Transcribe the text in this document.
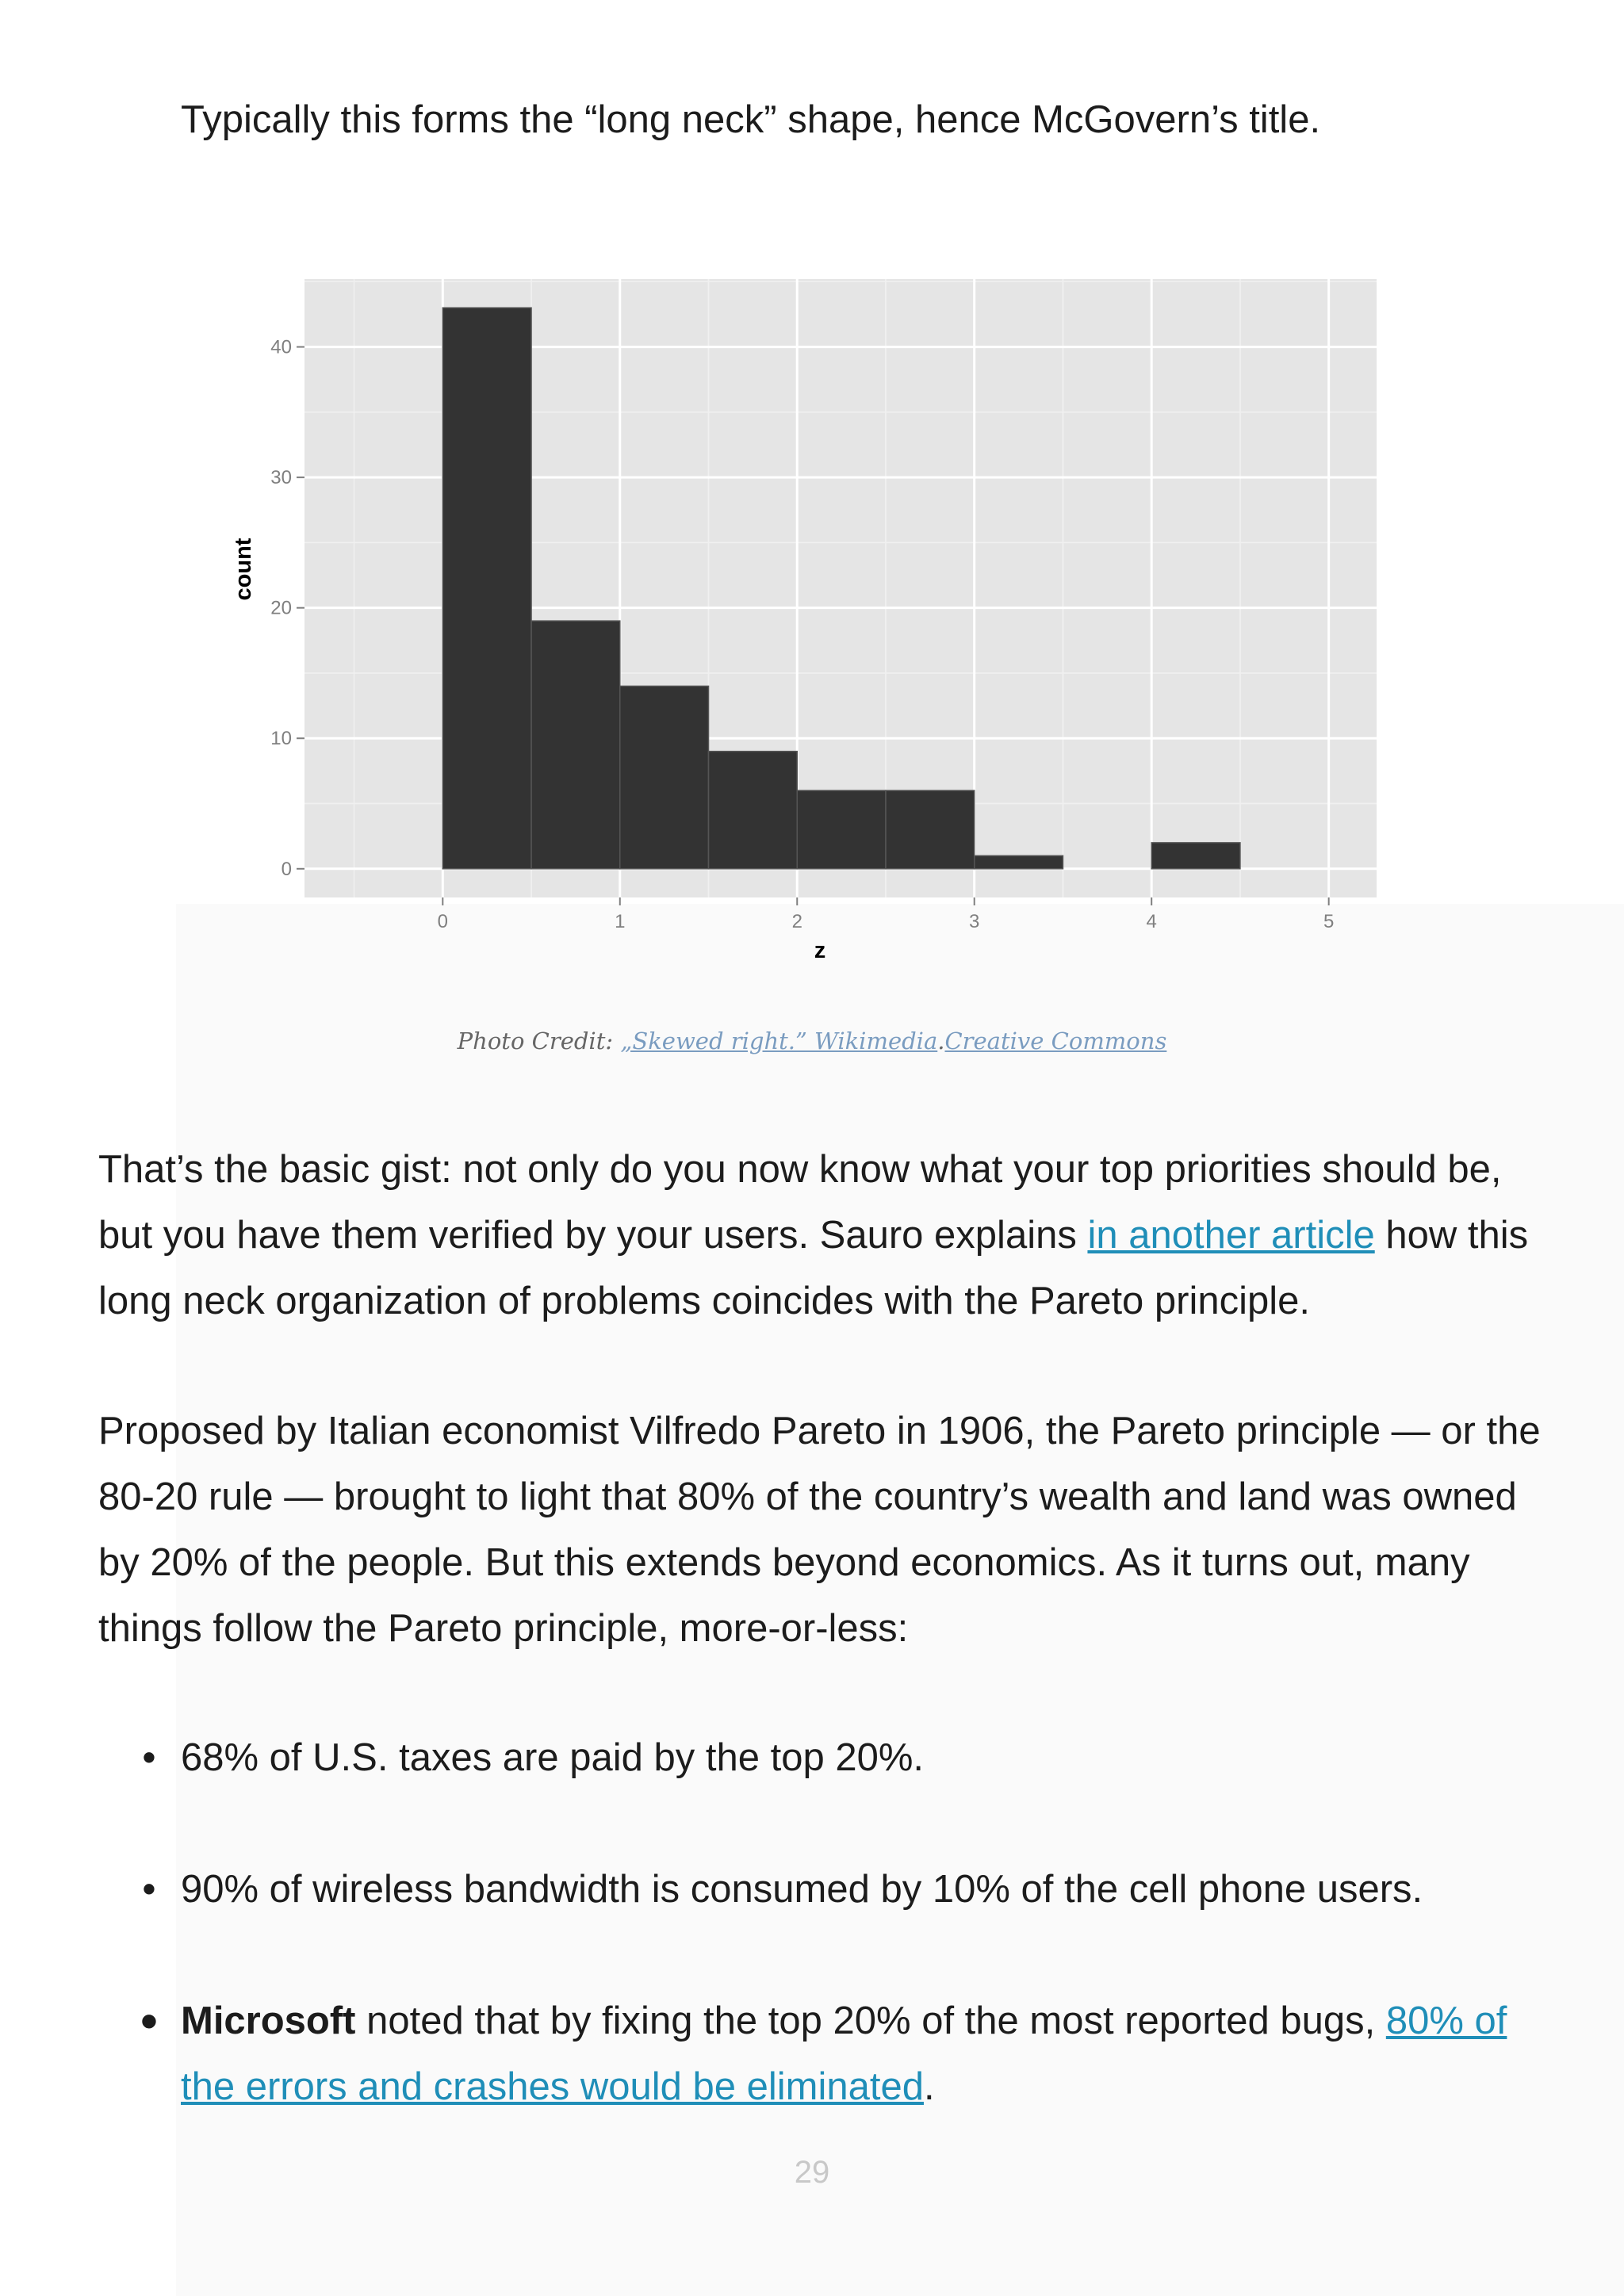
Typically this forms the “long neck” shape, hence McGovern’s title.

0
10
20
30
40
0	1	2	3	4	5
z
count

Photo Credit: „Skewed right.” Wikimedia.Creative Commons

That’s the basic gist: not only do you now know what your top priorities should be, but you have them verified by your users. Sauro explains in another article how this long neck organization of problems coincides with the Pareto principle.

Proposed by Italian economist Vilfredo Pareto in 1906, the Pareto principle — or the 80-20 rule — brought to light that 80% of the country’s wealth and land was owned by 20% of the people. But this extends beyond economics. As it turns out, many things follow the Pareto principle, more-or-less:

• 68% of U.S. taxes are paid by the top 20%.
• 90% of wireless bandwidth is consumed by 10% of the cell phone users.
• Microsoft noted that by fixing the top 20% of the most reported bugs, 80% of the errors and crashes would be eliminated.

29
